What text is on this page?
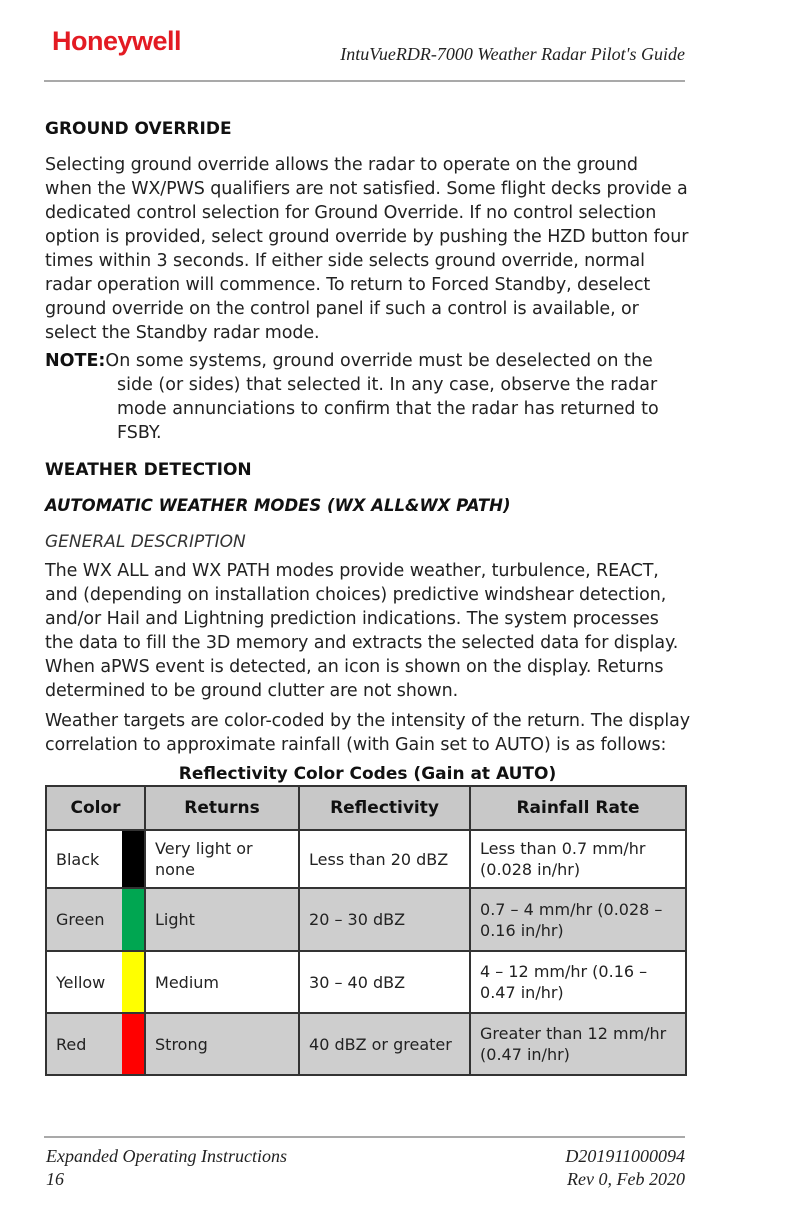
Honeywell	IntuVueRDR-7000 Weather Radar Pilot's Guide
GROUND OVERRIDE

Selecting ground override allows the radar to operate on the ground when the WX/PWS qualifiers are not satisfied. Some flight decks provide a dedicated control selection for Ground Override. If no control selection option is provided, select ground override by pushing the HZD button four times within 3 seconds. If either side selects ground override, normal radar operation will commence. To return to Forced Standby, deselect ground override on the control panel if such a control is available, or select the Standby radar mode.

NOTE:On some systems, ground override must be deselected on the
side (or sides) that selected it. In any case, observe the radar mode annunciations to confirm that the radar has returned to FSBY.
WEATHER DETECTION
AUTOMATIC WEATHER MODES (WX ALL&WX PATH)
GENERAL DESCRIPTION

The WX ALL and WX PATH modes provide weather, turbulence, REACT, and (depending on installation choices) predictive windshear detection, and/or Hail and Lightning prediction indications. The system processes the data to fill the 3D memory and extracts the selected data for display. When aPWS event is detected, an icon is shown on the display. Returns determined to be ground clutter are not shown.

Weather targets are color-coded by the intensity of the return. The display correlation to approximate rainfall (with Gain set to AUTO) is as follows:

Reflectivity Color Codes (Gain at AUTO)
Color		Returns	Reflectivity	Rainfall Rate
Black		Very light or none	Less than 20 dBZ	Less than 0.7 mm/hr (0.028 in/hr)
Green		Light	20 – 30 dBZ	0.7 – 4 mm/hr (0.028 – 0.16 in/hr)
Yellow		Medium	30 – 40 dBZ	4 – 12 mm/hr (0.16 – 0.47 in/hr)
Red		Strong	40 dBZ or greater	Greater than 12 mm/hr (0.47 in/hr)
Expanded Operating Instructions
16
D201911000094
Rev 0, Feb 2020
